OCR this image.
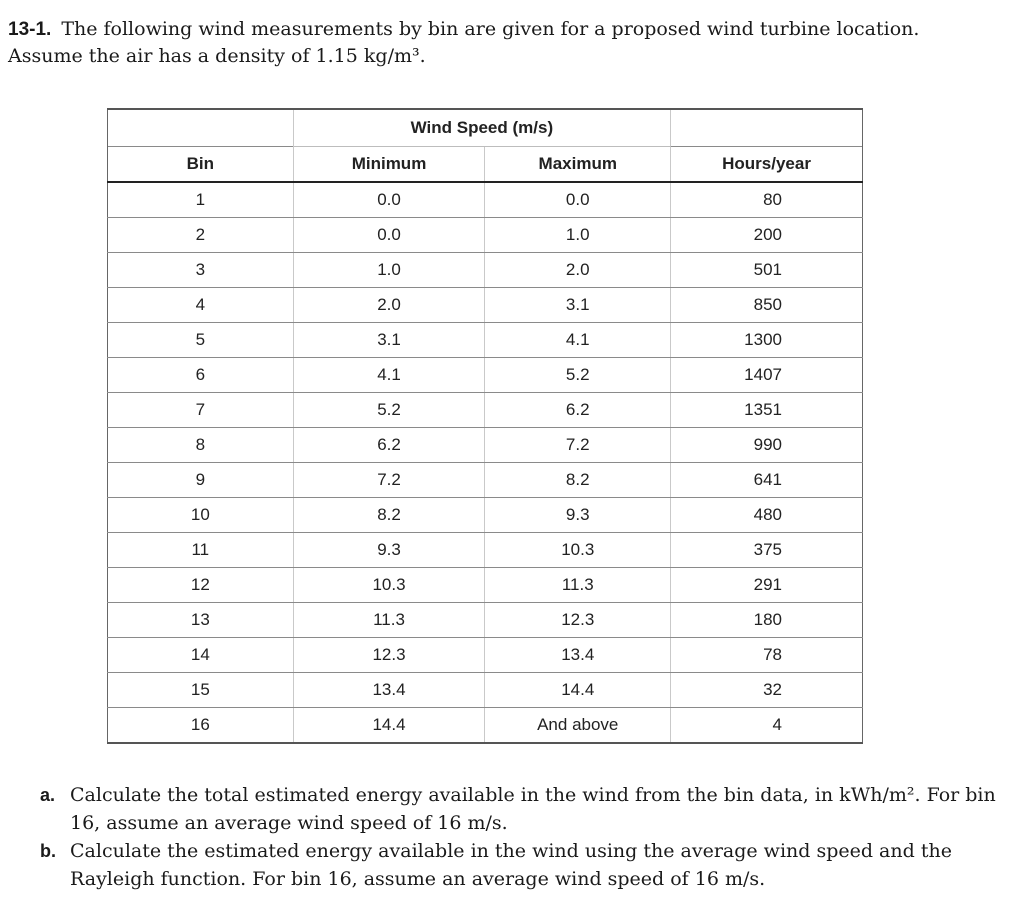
13-1. The following wind measurements by bin are given for a proposed wind turbine location.
Assume the air has a density of 1.15 kg/m³.
	Wind Speed (m/s)		
Bin	Minimum	Maximum	Hours/year
1	0.0	0.0	80
2	0.0	1.0	200
3	1.0	2.0	501
4	2.0	3.1	850
5	3.1	4.1	1300
6	4.1	5.2	1407
7	5.2	6.2	1351
8	6.2	7.2	990
9	7.2	8.2	641
10	8.2	9.3	480
11	9.3	10.3	375
12	10.3	11.3	291
13	11.3	12.3	180
14	12.3	13.4	78
15	13.4	14.4	32
16	14.4	And above	4
a. Calculate the total estimated energy available in the wind from the bin data, in kWh/m². For bin 16, assume an average wind speed of 16 m/s.
b. Calculate the estimated energy available in the wind using the average wind speed and the Rayleigh function. For bin 16, assume an average wind speed of 16 m/s.
